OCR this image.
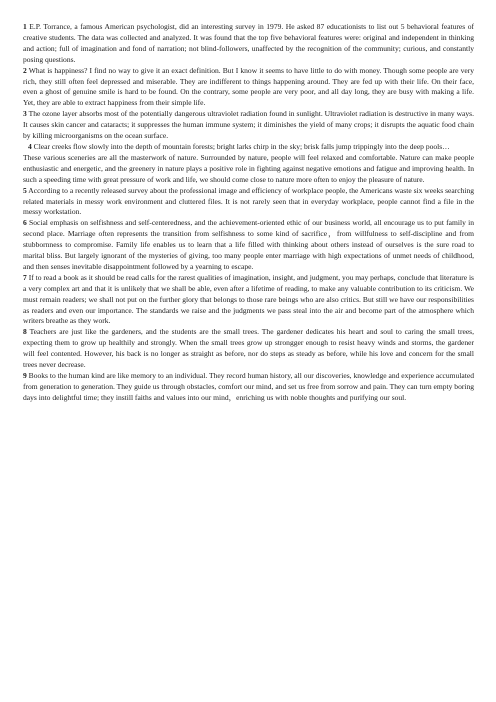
1 E.P. Torrance, a famous American psychologist, did an interesting survey in 1979. He asked 87 educationists to list out 5 behavioral features of creative students. The data was collected and analyzed. It was found that the top five behavioral features were: original and independent in thinking and action; full of imagination and fond of narration; not blind-followers, unaffected by the recognition of the community; curious, and constantly posing questions.

2 What is happiness? I find no way to give it an exact definition. But I know it seems to have little to do with money. Though some people are very rich, they still often feel depressed and miserable. They are indifferent to things happening around. They are fed up with their life. On their face, even a ghost of genuine smile is hard to be found. On the contrary, some people are very poor, and all day long, they are busy with making a life. Yet, they are able to extract happiness from their simple life.

3 The ozone layer absorbs most of the potentially dangerous ultraviolet radiation found in sunlight. Ultraviolet radiation is destructive in many ways. It causes skin cancer and cataracts; it suppresses the human immune system; it diminishes the yield of many crops; it disrupts the aquatic food chain by killing microorganisms on the ocean surface.

4 Clear creeks flow slowly into the depth of mountain forests; bright larks chirp in the sky; brisk falls jump trippingly into the deep pools…

These various sceneries are all the masterwork of nature. Surrounded by nature, people will feel relaxed and comfortable. Nature can make people enthusiastic and energetic, and the greenery in nature plays a positive role in fighting against negative emotions and fatigue and improving health. In such a speeding time with great pressure of work and life, we should come close to nature more often to enjoy the pleasure of nature.

5 According to a recently released survey about the professional image and efficiency of workplace people, the Americans waste six weeks searching related materials in messy work environment and cluttered files. It is not rarely seen that in everyday workplace, people cannot find a file in the messy workstation.

6 Social emphasis on selfishness and self-centeredness, and the achievement-oriented ethic of our business world, all encourage us to put family in second place. Marriage often represents the transition from selfishness to some kind of sacrifice，from willfulness to self-discipline and from stubbornness to compromise. Family life enables us to learn that a life filled with thinking about others instead of ourselves is the sure road to marital bliss. But largely ignorant of the mysteries of giving, too many people enter marriage with high expectations of unmet needs of childhood, and then senses inevitable disappointment followed by a yearning to escape.

7 If to read a book as it should be read calls for the rarest qualities of imagination, insight, and judgment, you may perhaps, conclude that literature is a very complex art and that it is unlikely that we shall be able, even after a lifetime of reading, to make any valuable contribution to its criticism. We must remain readers; we shall not put on the further glory that belongs to those rare beings who are also critics. But still we have our responsibilities as readers and even our importance. The standards we raise and the judgments we pass steal into the air and become part of the atmosphere which writers breathe as they work.

8 Teachers are just like the gardeners, and the students are the small trees. The gardener dedicates his heart and soul to caring the small trees, expecting them to grow up healthily and strongly. When the small trees grow up strongger enough to resist heavy winds and storms, the gardener will feel contented. However, his back is no longer as straight as before, nor do steps as steady as before, while his love and concern for the small trees never decrease.

9 Books to the human kind are like memory to an individual. They record human history, all our discoveries, knowledge and experience accumulated from generation to generation. They guide us through obstacles, comfort our mind, and set us free from sorrow and pain. They can turn empty boring days into delightful time; they instill faiths and values into our mind，enriching us with noble thoughts and purifying our soul.
